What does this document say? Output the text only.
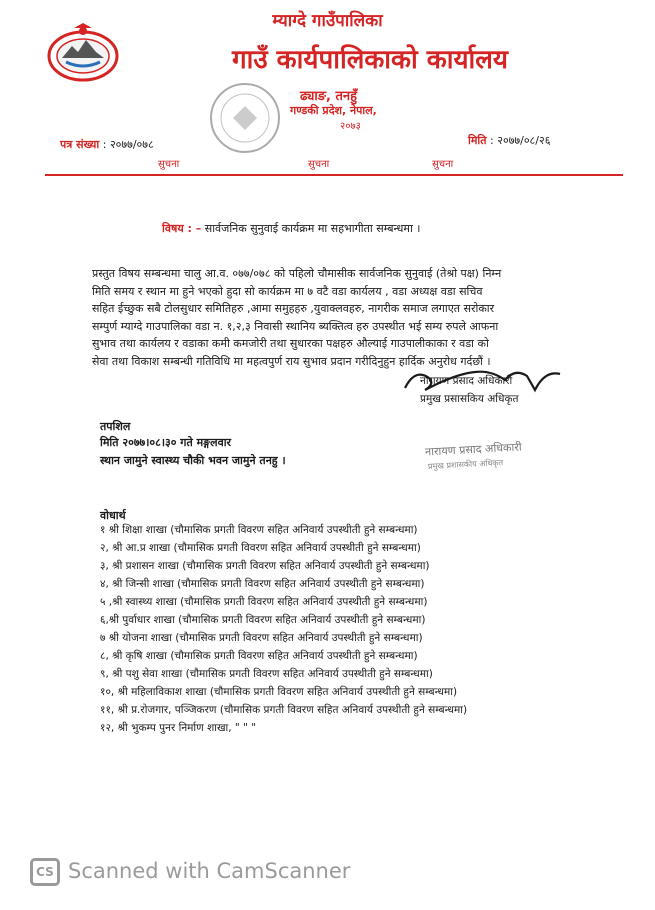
म्याग्दे गाउँपालिका
गाउँ कार्यपालिकाको कार्यालय
ढ्याङ, तनहुँ
गण्डकी प्रदेश, नेपाल,
२०७३
पत्र संख्या : २०७७/०७८	मिति : २०७७/०८/२६
सुचना	सुचना	सुचना
विषय : – सार्वजनिक सुनुवाई कार्यक्रम मा सहभागीता सम्बन्धमा ।
प्रस्तुत विषय सम्बन्धमा चालु आ.व. ०७७/०७८ को पहिलो चौमासीक सार्वजनिक सुनुवाई (तेश्रो पक्ष) निम्न
मिति समय र स्थान मा हुने भएको हुदा सो कार्यक्रम मा ७ वटै वडा कार्यलय , वडा अध्यक्ष वडा सचिव
सहित ईच्छुक सबै टोलसुधार समितिहरु ,आमा समुहहरु ,युवाक्लवहरु, नागरीक समाज लगाएत सरोकार
सम्पुर्ण म्याग्दे गाउपालिका वडा न. १,२,३ निवासी स्थानिय ब्यक्तित्व हरु उपस्थीत भई सम्य रुपले आफना
सुभाव तथा कार्यलय र वडाका कमी कमजोरी तथा सुधारका पक्षहरु औल्याई गाउपालीकाका र वडा को
सेवा तथा विकाश सम्बन्धी गतिविधि मा महत्वपुर्ण राय सुभाव प्रदान गरीदिनुहुन हार्दिक अनुरोध गर्दछौं ।
नारायण प्रसाद अधिकारी
प्रमुख प्रसासकिय अधिकृत
नारायण प्रसाद अधिकारी
प्रमुख प्रशासकीय अधिकृत
तपशिल
मिति २०७७।०८।३० गते मङ्गलवार
स्थान जामुने स्वास्थ्य चौकी भवन जामुने तनहु ।
वोधार्थ
१ श्री शिक्षा शाखा (चौमासिक प्रगती विवरण सहित अनिवार्य उपस्थीती हुने सम्बन्धमा)
२, श्री आ.प्र शाखा (चौमासिक प्रगती विवरण सहित अनिवार्य उपस्थीती हुने सम्बन्धमा)
३, श्री प्रशासन शाखा (चौमासिक प्रगती विवरण सहित अनिवार्य उपस्थीती हुने सम्बन्धमा)
४, श्री जिन्सी शाखा (चौमासिक प्रगती विवरण सहित अनिवार्य उपस्थीती हुने सम्बन्धमा)
५ ,श्री स्वास्थ्य शाखा (चौमासिक प्रगती विवरण सहित अनिवार्य उपस्थीती हुने सम्बन्धमा)
६,श्री पुर्वाधार शाखा (चौमासिक प्रगती विवरण सहित अनिवार्य उपस्थीती हुने सम्बन्धमा)
७ श्री योजना शाखा (चौमासिक प्रगती विवरण सहित अनिवार्य उपस्थीती हुने सम्बन्धमा)
८, श्री कृषि शाखा (चौमासिक प्रगती विवरण सहित अनिवार्य उपस्थीती हुने सम्बन्धमा)
९, श्री पशु सेवा शाखा (चौमासिक प्रगती विवरण सहित अनिवार्य उपस्थीती हुने सम्बन्धमा)
१०, श्री महिलाविकाश शाखा (चौमासिक प्रगती विवरण सहित अनिवार्य उपस्थीती हुने सम्बन्धमा)
११, श्री प्र.रोजगार, पञ्जिकरण (चौमासिक प्रगती विवरण सहित अनिवार्य उपस्थीती हुने सम्बन्धमा)
१२, श्री भुकम्प पुनर निर्माण शाखा, " " "
CS Scanned with CamScanner
